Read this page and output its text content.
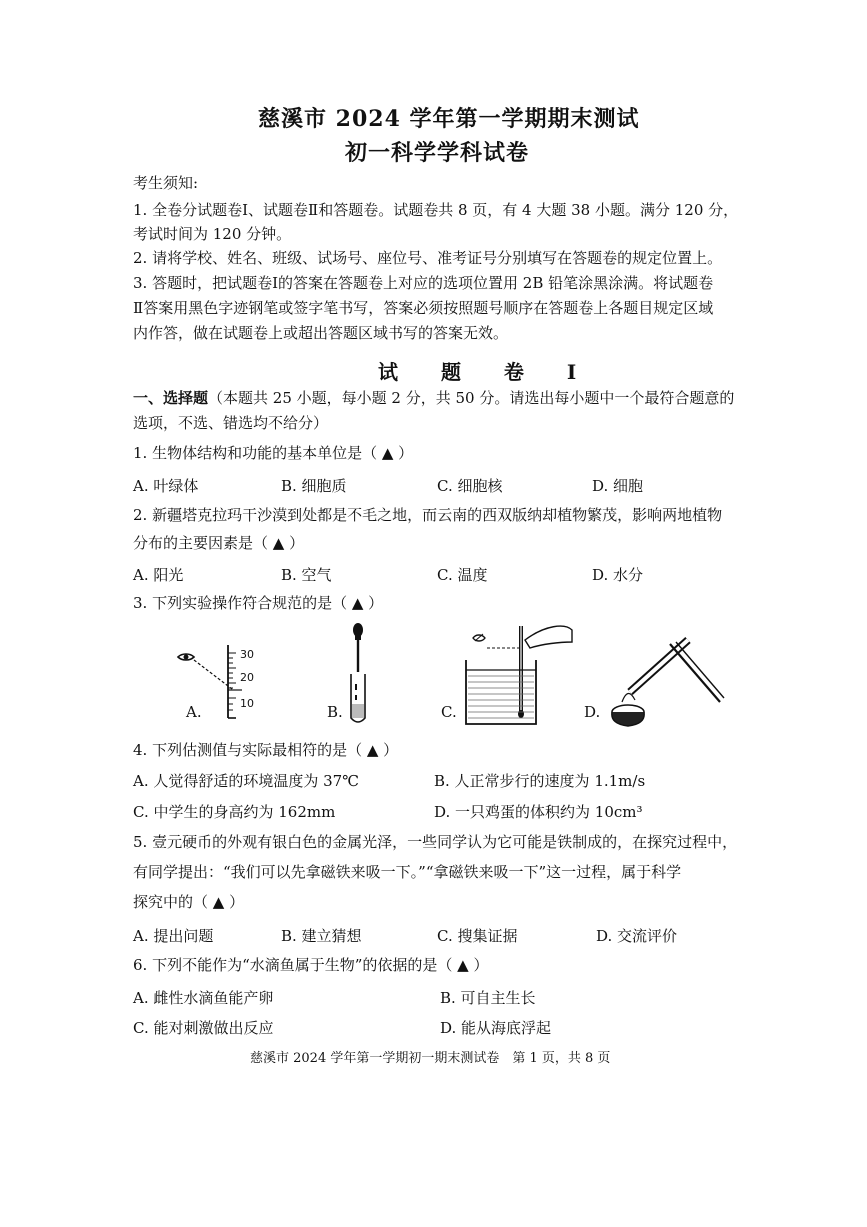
慈溪市 2024 学年第一学期期末测试
初一科学学科试卷
考生须知:
1. 全卷分试题卷Ⅰ、试题卷Ⅱ和答题卷。试题卷共 8 页，有 4 大题 38 小题。满分 120 分，
考试时间为 120 分钟。
2. 请将学校、姓名、班级、试场号、座位号、准考证号分别填写在答题卷的规定位置上。
3. 答题时，把试题卷Ⅰ的答案在答题卷上对应的选项位置用 2B 铅笔涂黑涂满。将试题卷
Ⅱ答案用黑色字迹钢笔或签字笔书写，答案必须按照题号顺序在答题卷上各题目规定区域
内作答，做在试题卷上或超出答题区域书写的答案无效。
试 题 卷 Ⅰ
一、选择题（本题共 25 小题，每小题 2 分，共 50 分。请选出每小题中一个最符合题意的
选项，不选、错选均不给分）
1. 生物体结构和功能的基本单位是（ ▲ ）
A. 叶绿体	B. 细胞质	C. 细胞核	D. 细胞
2. 新疆塔克拉玛干沙漠到处都是不毛之地，而云南的西双版纳却植物繁茂，影响两地植物
分布的主要因素是（ ▲ ）
A. 阳光	B. 空气	C. 温度	D. 水分
3. 下列实验操作符合规范的是（ ▲ ）
30
20
10
A.	B.	C.	D.
4. 下列估测值与实际最相符的是（ ▲ ）
A. 人觉得舒适的环境温度为 37℃	B. 人正常步行的速度为 1.1m/s
C. 中学生的身高约为 162mm	D. 一只鸡蛋的体积约为 10cm³
5. 壹元硬币的外观有银白色的金属光泽，一些同学认为它可能是铁制成的，在探究过程中，
有同学提出：“我们可以先拿磁铁来吸一下。”“拿磁铁来吸一下”这一过程，属于科学
探究中的（ ▲ ）
A. 提出问题	B. 建立猜想	C. 搜集证据	D. 交流评价
6. 下列不能作为“水滴鱼属于生物”的依据的是（ ▲ ）
A. 雌性水滴鱼能产卵	B. 可自主生长
C. 能对刺激做出反应	D. 能从海底浮起
慈溪市 2024 学年第一学期初一期末测试卷　第 1 页，共 8 页
